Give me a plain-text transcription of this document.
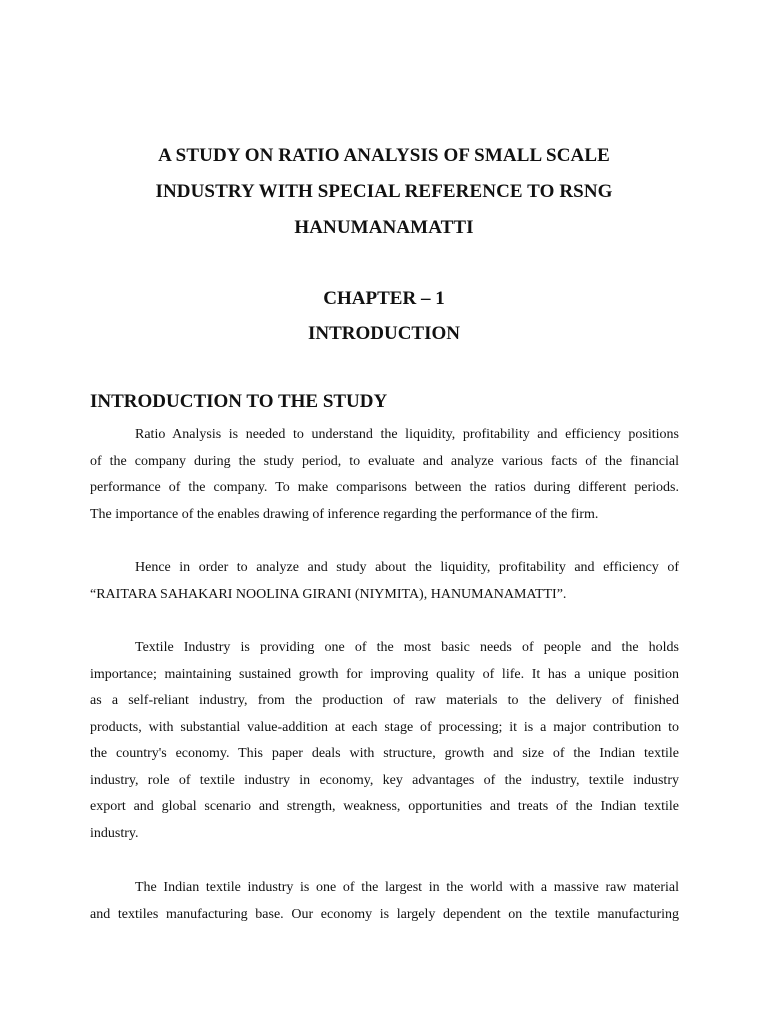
A STUDY ON RATIO ANALYSIS OF SMALL SCALE
INDUSTRY WITH SPECIAL REFERENCE TO RSNG
HANUMANAMATTI
CHAPTER – 1
INTRODUCTION
INTRODUCTION TO THE STUDY
Ratio Analysis is needed to understand the liquidity, profitability and efficiency positions
of the company during the study period, to evaluate and analyze various facts of the financial
performance of the company. To make comparisons between the ratios during different periods.
The importance of the enables drawing of inference regarding the performance of the firm.
Hence in order to analyze and study about the liquidity, profitability and efficiency of
“RAITARA SAHAKARI NOOLINA GIRANI (NIYMITA), HANUMANAMATTI”.
Textile Industry is providing one of the most basic needs of people and the holds
importance; maintaining sustained growth for improving quality of life. It has a unique position
as a self-reliant industry, from the production of raw materials to the delivery of finished
products, with substantial value-addition at each stage of processing; it is a major contribution to
the country's economy. This paper deals with structure, growth and size of the Indian textile
industry, role of textile industry in economy, key advantages of the industry, textile industry
export and global scenario and strength, weakness, opportunities and treats of the Indian textile
industry.
The Indian textile industry is one of the largest in the world with a massive raw material
and textiles manufacturing base. Our economy is largely dependent on the textile manufacturing
